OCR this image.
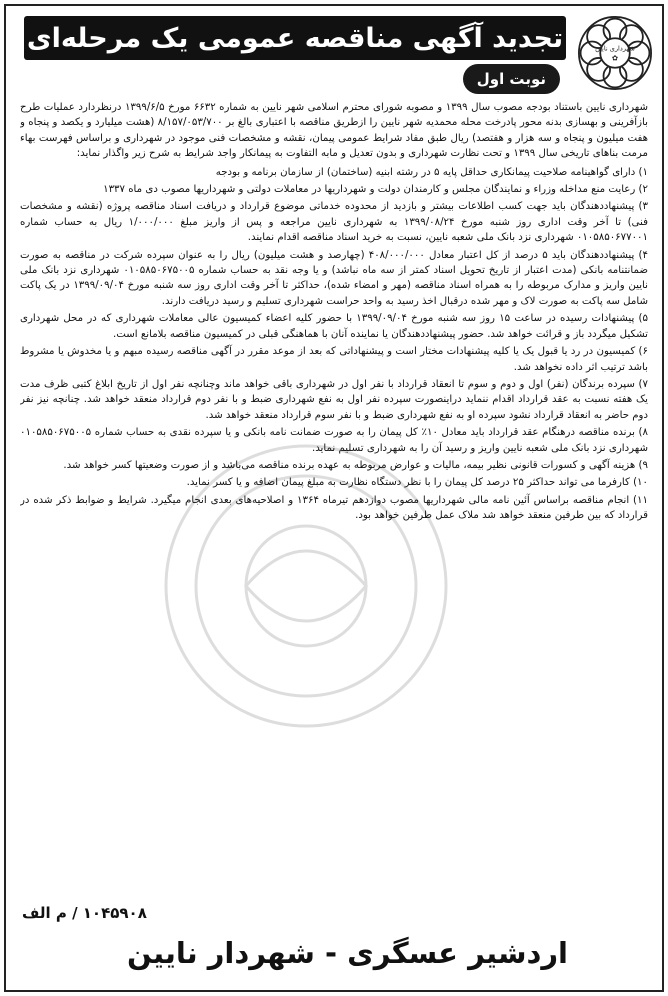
شهرداری نایین
✿
تجدید آگهی مناقصه عمومی یک مرحله‌ای
نوبت اول

شهرداری نایین باستناد بودجه مصوب سال ۱۳۹۹ و مصوبه شورای محترم اسلامی شهر نایین به شماره ۶۶۳۲ مورخ ۱۳۹۹/۶/۵ درنظردارد عملیات طرح بازآفرینی و بهسازی بدنه محور پادرخت محله محمدیه شهر نایین را ازطریق مناقصه با اعتباری بالغ بر ۸/۱۵۷/۰۵۳/۷۰۰ (هشت میلیارد و یکصد و پنجاه و هفت میلیون و پنجاه و سه هزار و هفتصد) ریال طبق مفاد شرایط عمومی پیمان، نقشه و مشخصات فنی موجود در شهرداری و براساس فهرست بهاء مرمت بناهای تاریخی سال ۱۳۹۹ و تحت نظارت شهرداری و بدون تعدیل و مابه التفاوت به پیمانکار واجد شرایط به شرح زیر واگذار نماید:

۱) دارای گواهینامه صلاحیت پیمانکاری حداقل پایه ۵ در رشته ابنیه (ساختمان) از سازمان برنامه و بودجه

۲) رعایت منع مداخله وزراء و نمایندگان مجلس و کارمندان دولت و شهرداریها در معاملات دولتی و شهرداریها مصوب دی ماه ۱۳۳۷

۳) پیشنهاددهندگان باید جهت کسب اطلاعات بیشتر و بازدید از محدوده خدماتی موضوع قرارداد و دریافت اسناد مناقصه پروژه (نقشه و مشخصات فنی) تا آخر وقت اداری روز شنبه مورخ ۱۳۹۹/۰۸/۲۴ به شهرداری نایین مراجعه و پس از واریز مبلغ ۱/۰۰۰/۰۰۰ ریال به حساب شماره ۰۱۰۵۸۵۰۶۷۷۰۰۱ شهرداری نزد بانک ملی شعبه نایین، نسبت به خرید اسناد مناقصه اقدام نمایند.

۴) پیشنهاددهندگان باید ۵ درصد از کل اعتبار معادل ۴۰۸/۰۰۰/۰۰۰ (چهارصد و هشت میلیون) ریال را به عنوان سپرده شرکت در مناقصه به صورت ضمانتنامه بانکی (مدت اعتبار از تاریخ تحویل اسناد کمتر از سه ماه نباشد) و یا وجه نقد به حساب شماره ۰۱۰۵۸۵۰۶۷۵۰۰۵ شهرداری نزد بانک ملی نایین واریز و مدارک مربوطه را به همراه اسناد مناقصه (مهر و امضاء شده)، حداکثر تا آخر وقت اداری روز سه شنبه مورخ ۱۳۹۹/۰۹/۰۴ در یک پاکت شامل سه پاکت به صورت لاک و مهر شده درقبال اخذ رسید به واحد حراست شهرداری تسلیم و رسید دریافت دارند.

۵) پیشنهادات رسیده در ساعت ۱۵ روز سه شنبه مورخ ۱۳۹۹/۰۹/۰۴ با حضور کلیه اعضاء کمیسیون عالی معاملات شهرداری که در محل شهرداری تشکیل میگردد باز و قرائت خواهد شد. حضور پیشنهاددهندگان یا نماینده آنان با هماهنگی قبلی در کمیسیون مناقصه بلامانع است.

۶) کمیسیون در رد یا قبول یک یا کلیه پیشنهادات مختار است و پیشنهاداتی که بعد از موعد مقرر در آگهی مناقصه رسیده مبهم و یا مخدوش یا مشروط باشد ترتیب اثر داده نخواهد شد.

۷) سپرده برندگان (نفر) اول و دوم و سوم تا انعقاد قرارداد با نفر اول در شهرداری باقی خواهد ماند وچنانچه نفر اول از تاریخ ابلاغ کتبی ظرف مدت یک هفته نسبت به عقد قرارداد اقدام ننماید دراینصورت سپرده نفر اول به نفع شهرداری ضبط و با نفر دوم قرارداد منعقد خواهد شد. چنانچه نیز نفر دوم حاضر به انعقاد قرارداد نشود سپرده او به نفع شهرداری ضبط و با نفر سوم قرارداد منعقد خواهد شد.

۸) برنده مناقصه درهنگام عقد قرارداد باید معادل ۱۰٪ کل پیمان را به صورت ضمانت نامه بانکی و یا سپرده نقدی به حساب شماره ۰۱۰۵۸۵۰۶۷۵۰۰۵ شهرداری نزد بانک ملی شعبه نایین واریز و رسید آن را به شهرداری تسلیم نماید.

۹) هزینه آگهی و کسورات قانونی نظیر بیمه، مالیات و عوارض مربوطه به عهده برنده مناقصه می‌باشد و از صورت وضعیتها کسر خواهد شد.

۱۰) کارفرما می تواند حداکثر ۲۵ درصد کل پیمان را با نظر دستگاه نظارت به مبلغ پیمان اضافه و یا کسر نماید.

۱۱) انجام مناقصه براساس آئین نامه مالی شهرداریها مصوب دوازدهم تیرماه ۱۳۶۴ و اصلاحیه‌های بعدی انجام میگیرد. شرایط و ضوابط ذکر شده در قرارداد که بین طرفین منعقد خواهد شد ملاک عمل طرفین خواهد بود.

۱۰۴۵۹۰۸ / م الف
اردشیر عسگری - شهردار نایین
